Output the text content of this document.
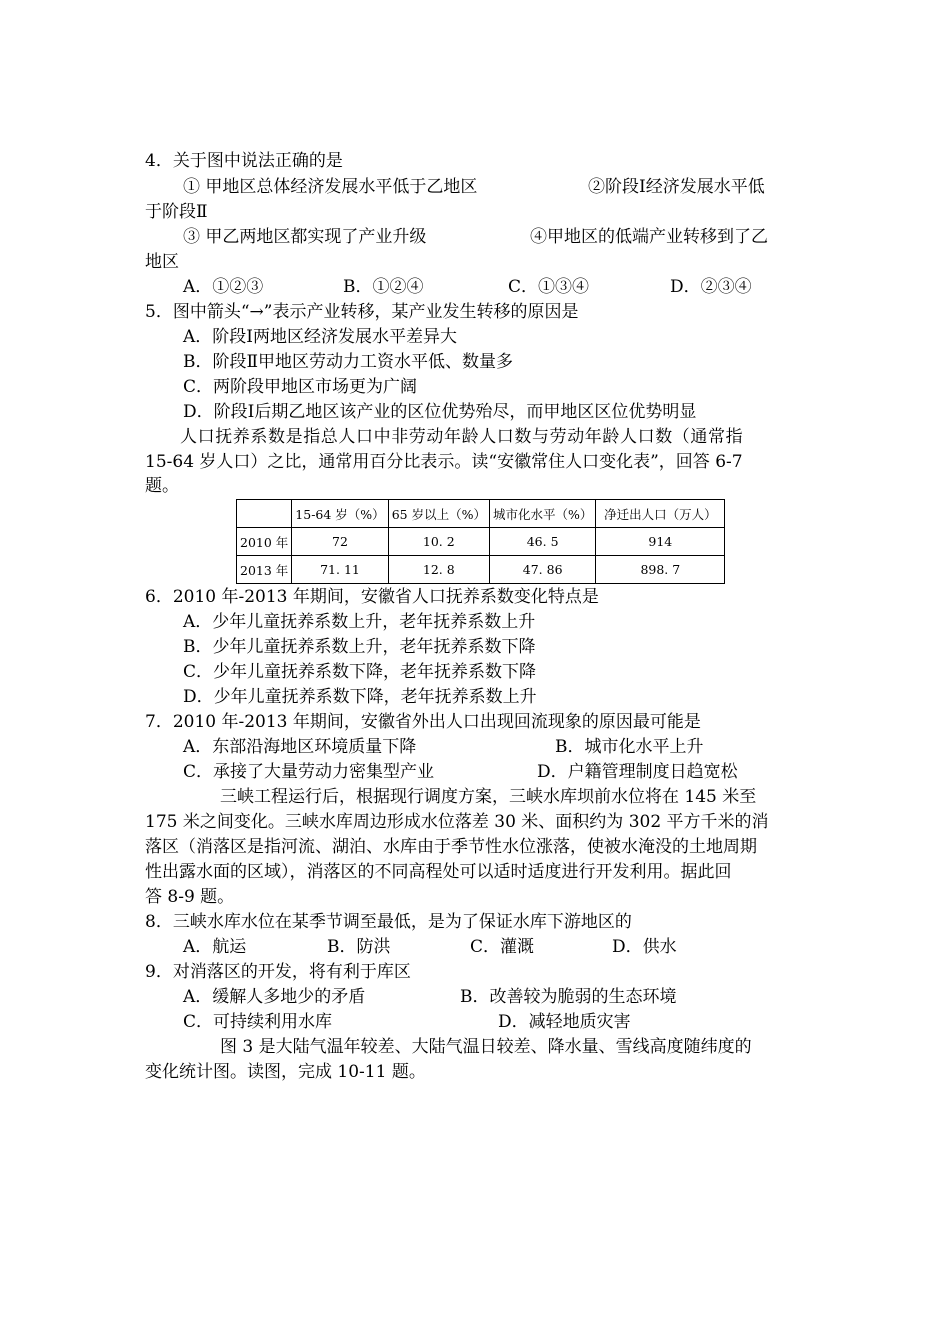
4．关于图中说法正确的是
① 甲地区总体经济发展水平低于乙地区	②阶段Ⅰ经济发展水平低
于阶段Ⅱ
③ 甲乙两地区都实现了产业升级	④甲地区的低端产业转移到了乙
地区
A．①②③	B．①②④	C．①③④	D．②③④
5．图中箭头“→”表示产业转移，某产业发生转移的原因是
A．阶段Ⅰ两地区经济发展水平差异大
B．阶段Ⅱ甲地区劳动力工资水平低、数量多
C．两阶段甲地区市场更为广阔
D．阶段Ⅰ后期乙地区该产业的区位优势殆尽，而甲地区区位优势明显
人口抚养系数是指总人口中非劳动年龄人口数与劳动年龄人口数（通常指
15-64 岁人口）之比，通常用百分比表示。读“安徽常住人口变化表”，回答 6-7
题。
	15-64 岁（%）	65 岁以上（%）	城市化水平（%）	净迁出人口（万人）
2010 年	72	10. 2	46. 5	914
2013 年	71. 11	12. 8	47. 86	898. 7
6．2010 年-2013 年期间，安徽省人口抚养系数变化特点是
A．少年儿童抚养系数上升，老年抚养系数上升
B．少年儿童抚养系数上升，老年抚养系数下降
C．少年儿童抚养系数下降，老年抚养系数下降
D．少年儿童抚养系数下降，老年抚养系数上升
7．2010 年-2013 年期间，安徽省外出人口出现回流现象的原因最可能是
A．东部沿海地区环境质量下降	B．城市化水平上升
C．承接了大量劳动力密集型产业	D．户籍管理制度日趋宽松
三峡工程运行后，根据现行调度方案，三峡水库坝前水位将在 145 米至
175 米之间变化。三峡水库周边形成水位落差 30 米、面积约为 302 平方千米的消
落区（消落区是指河流、湖泊、水库由于季节性水位涨落，使被水淹没的土地周期
性出露水面的区域），消落区的不同高程处可以适时适度进行开发利用。据此回
答 8-9 题。
8．三峡水库水位在某季节调至最低，是为了保证水库下游地区的
A．航运	B．防洪	C．灌溉	D．供水
9．对消落区的开发，将有利于库区
A．缓解人多地少的矛盾	B．改善较为脆弱的生态环境
C．可持续利用水库	D．减轻地质灾害
图 3 是大陆气温年较差、大陆气温日较差、降水量、雪线高度随纬度的
变化统计图。读图，完成 10-11 题。
